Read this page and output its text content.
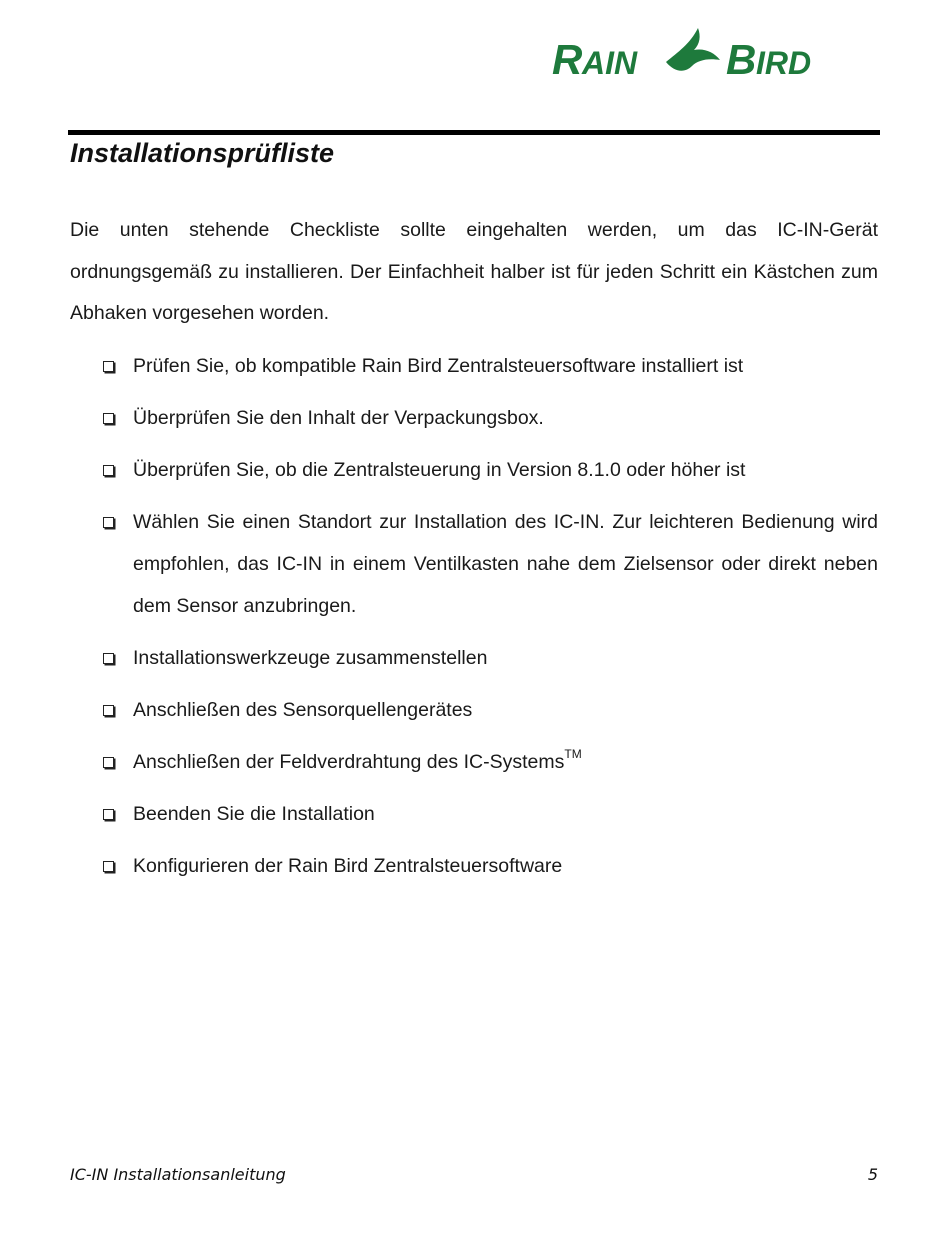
R AIN B IRD
Installationsprüfliste

Die unten stehende Checkliste sollte eingehalten werden, um das IC-IN-Gerät ordnungsgemäß zu installieren. Der Einfachheit halber ist für jeden Schritt ein Kästchen zum Abhaken vorgesehen worden.

Prüfen Sie, ob kompatible Rain Bird Zentralsteuersoftware installiert ist
Überprüfen Sie den Inhalt der Verpackungsbox.
Überprüfen Sie, ob die Zentralsteuerung in Version 8.1.0 oder höher ist
Wählen Sie einen Standort zur Installation des IC-IN. Zur leichteren Bedienung wird empfohlen, das IC-IN in einem Ventilkasten nahe dem Zielsensor oder direkt neben dem Sensor anzubringen.
Installationswerkzeuge zusammenstellen
Anschließen des Sensorquellengerätes
Anschließen der Feldverdrahtung des IC-Systems™
Beenden Sie die Installation
Konfigurieren der Rain Bird Zentralsteuersoftware
IC-IN Installationsanleitung	5
